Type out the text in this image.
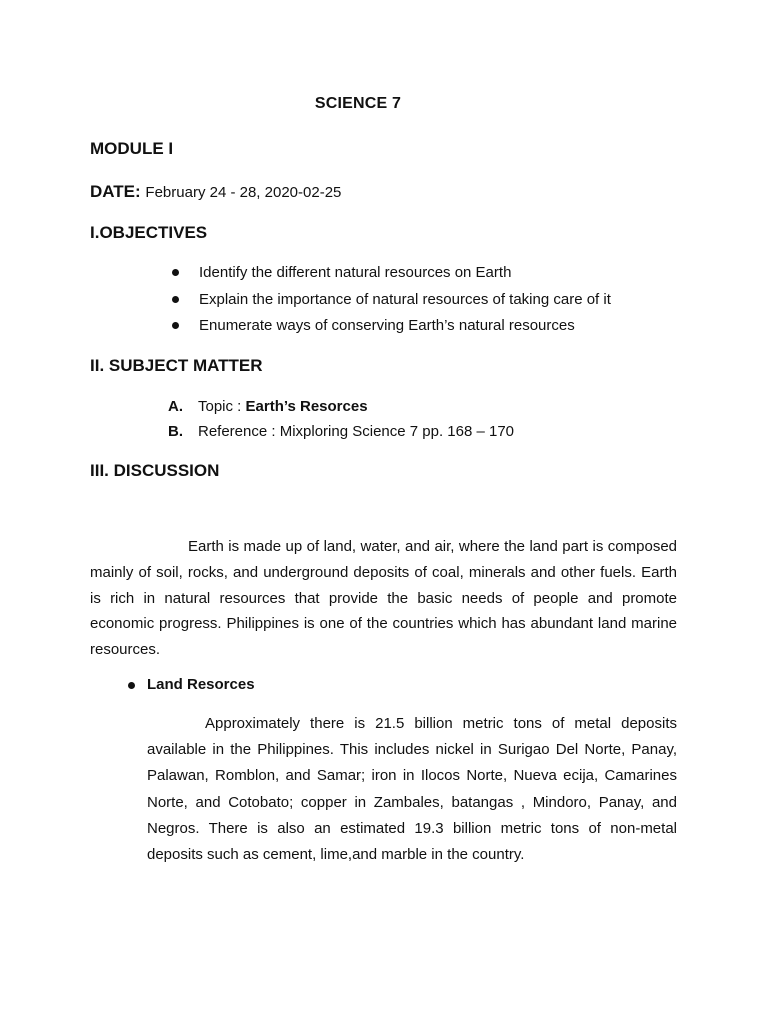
SCIENCE 7
MODULE I
DATE: February 24 - 28, 2020-02-25
I.OBJECTIVES
Identify the different natural resources on Earth
Explain the importance of natural resources of taking care of it
Enumerate ways of conserving Earth’s natural resources
II. SUBJECT MATTER
A. Topic : Earth’s Resorces
B. Reference : Mixploring Science 7 pp. 168 – 170
III. DISCUSSION

Earth is made up of land, water, and air, where the land part is composed mainly of soil, rocks, and underground deposits of coal, minerals and other fuels. Earth is rich in natural resources that provide the basic needs of people and promote economic progress. Philippines is one of the countries which has abundant land marine resources.

Land Resorces

Approximately there is 21.5 billion metric tons of metal deposits available in the Philippines. This includes nickel in Surigao Del Norte, Panay, Palawan, Romblon, and Samar; iron in Ilocos Norte, Nueva ecija, Camarines Norte, and Cotobato; copper in Zambales, batangas , Mindoro, Panay, and Negros. There is also an estimated 19.3 billion metric tons of non-metal deposits such as cement, lime,and marble in the country.
